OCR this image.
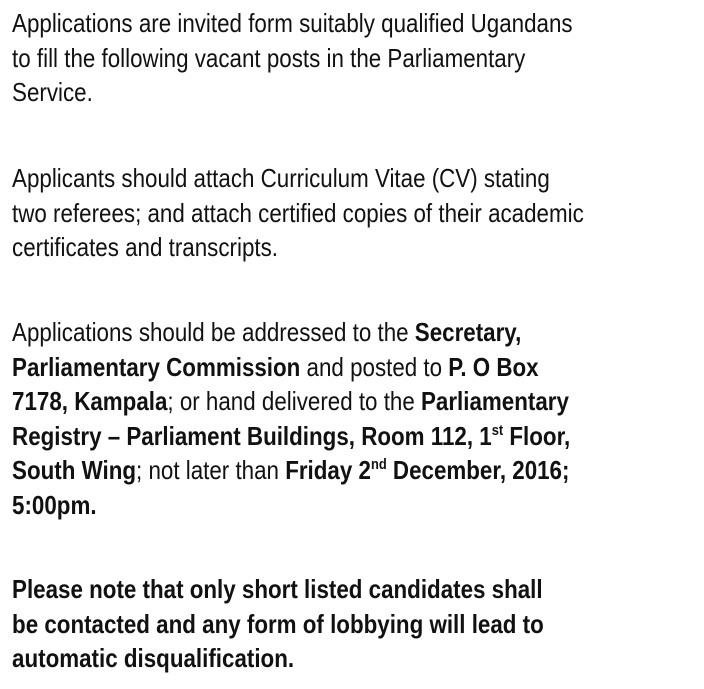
Applications are invited form suitably qualified Ugandans
to fill the following vacant posts in the Parliamentary
Service.

Applicants should attach Curriculum Vitae (CV) stating
two referees; and attach certified copies of their academic
certificates and transcripts.

Applications should be addressed to the Secretary,
Parliamentary Commission and posted to P. O Box
7178, Kampala; or hand delivered to the Parliamentary
Registry – Parliament Buildings, Room 112, 1st Floor,
South Wing; not later than Friday 2nd December, 2016;
5:00pm.

Please note that only short listed candidates shall
be contacted and any form of lobbying will lead to
automatic disqualification.
